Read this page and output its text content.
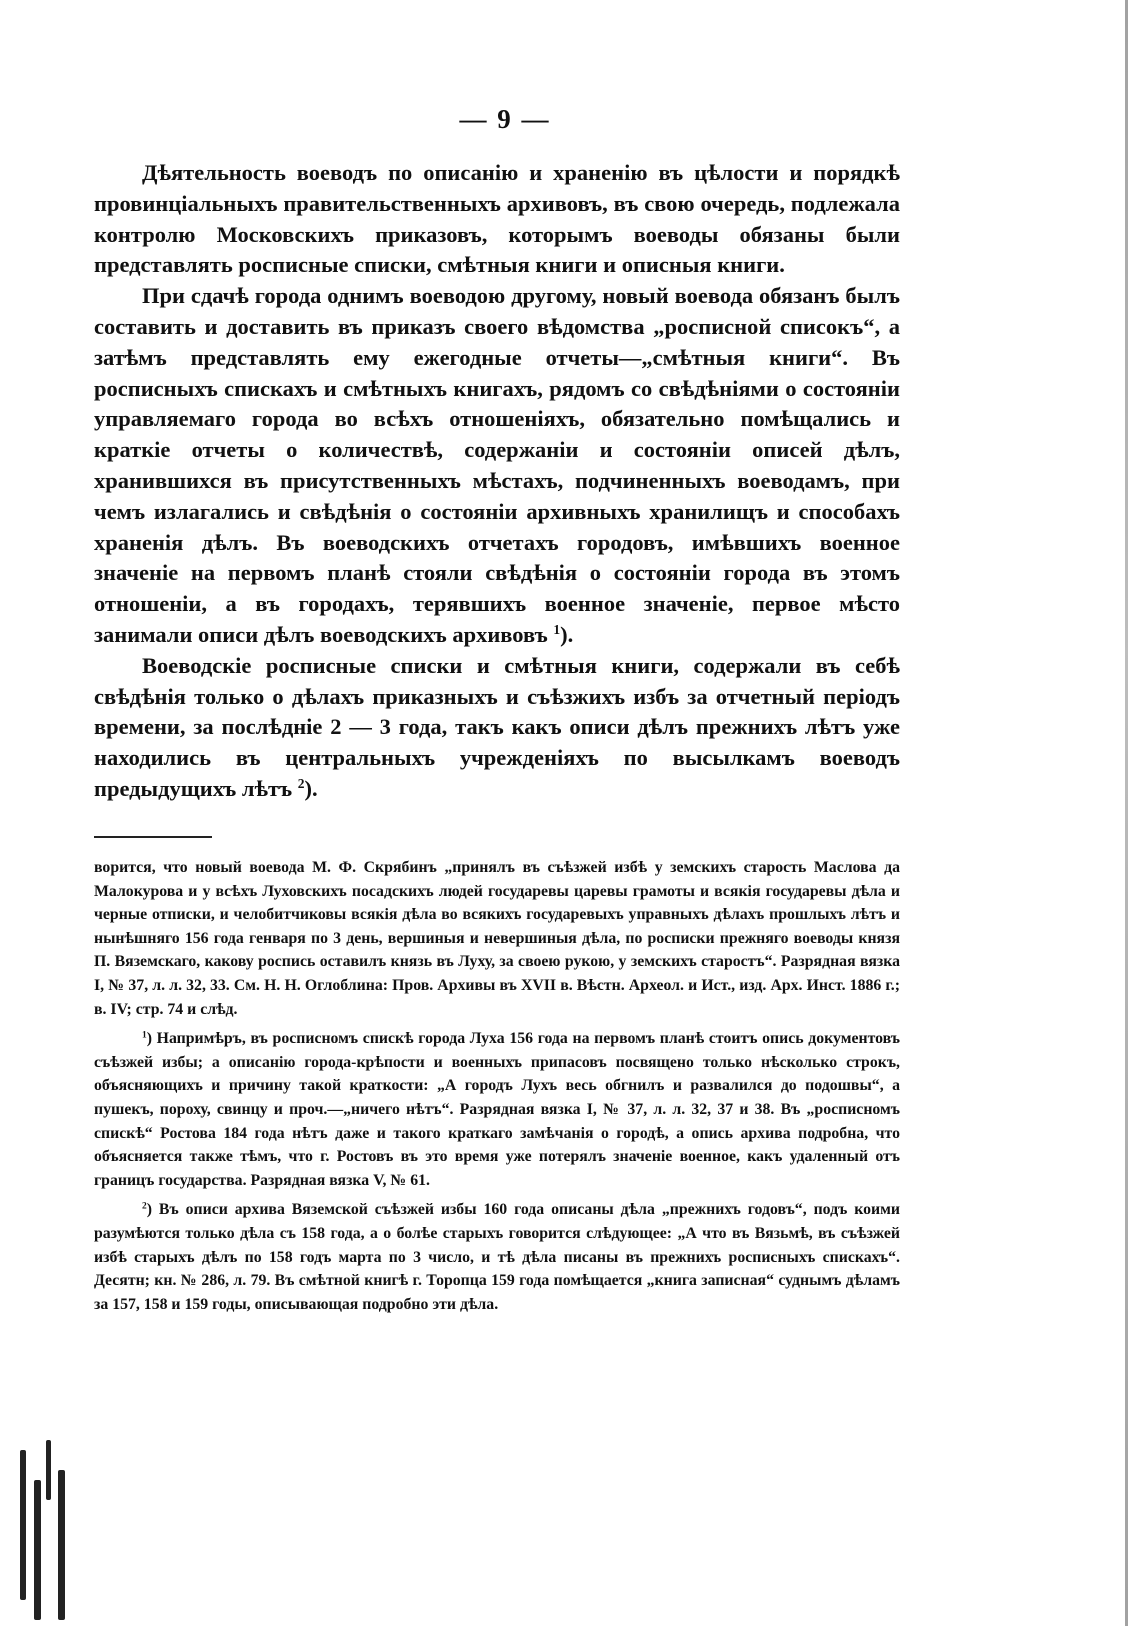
— 9 —

Дѣятельность воеводъ по описанію и храненію въ цѣлости и порядкѣ провинціальныхъ правительственныхъ архивовъ, въ свою очередь, подлежала контролю Московскихъ приказовъ, которымъ воеводы обязаны были представлять росписные списки, смѣтныя книги и описныя книги.

При сдачѣ города однимъ воеводою другому, новый воевода обязанъ былъ составить и доставить въ приказъ своего вѣдомства „росписной списокъ“, а затѣмъ представлять ему ежегодные отчеты—„смѣтныя книги“. Въ росписныхъ спискахъ и смѣтныхъ книгахъ, рядомъ со свѣдѣніями о состояніи управляемаго города во всѣхъ отношеніяхъ, обязательно помѣщались и краткіе отчеты о количествѣ, содержаніи и состояніи описей дѣлъ, хранившихся въ присутственныхъ мѣстахъ, подчиненныхъ воеводамъ, при чемъ излагались и свѣдѣнія о состояніи архивныхъ хранилищъ и способахъ храненія дѣлъ. Въ воеводскихъ отчетахъ городовъ, имѣвшихъ военное значеніе на первомъ планѣ стояли свѣдѣнія о состояніи города въ этомъ отношеніи, а въ городахъ, терявшихъ военное значеніе, первое мѣсто занимали описи дѣлъ воеводскихъ архивовъ $^1$).

Воеводскіе росписные списки и смѣтныя книги, содержали въ себѣ свѣдѣнія только о дѣлахъ приказныхъ и съѣзжихъ избъ за отчетный періодъ времени, за послѣдніе 2 — 3 года, такъ какъ описи дѣлъ прежнихъ лѣтъ уже находились въ центральныхъ учрежденіяхъ по высылкамъ воеводъ предыдущихъ лѣтъ $^2$).

ворится, что новый воевода М. Ф. Скрябинъ „принялъ въ съѣзжей избѣ у земскихъ старость Маслова да Малокурова и у всѣхъ Луховскихъ посадскихъ людей государевы царевы грамоты и всякія государевы дѣла и черные отписки, и челобитчиковы всякія дѣла во всякихъ государевыхъ управныхъ дѣлахъ прошлыхъ лѣтъ и нынѣшняго 156 года генваря по 3 день, вершиныя и невершиныя дѣла, по росписки прежняго воеводы князя П. Вяземскаго, какову роспись оставилъ князь въ Луху, за своею рукою, у земскихъ старостъ“. Разрядная вязка I, № 37, л. л. 32, 33. См. Н. Н. Оглоблина: Пров. Архивы въ XVII в. Вѣстн. Археол. и Ист., изд. Арх. Инст. 1886 г.; в. IV; стр. 74 и слѣд.

$^1$) Напримѣръ, въ росписномъ спискѣ города Луха 156 года на первомъ планѣ стоитъ опись документовъ съѣзжей избы; а описанію города-крѣпости и военныхъ припасовъ посвящено только нѣсколько строкъ, объясняющихъ и причину такой краткости: „А городъ Лухъ весь обгнилъ и развалился до подошвы“, а пушекъ, пороху, свинцу и проч.—„ничего нѣтъ“. Разрядная вязка I, № 37, л. л. 32, 37 и 38. Въ „росписномъ спискѣ“ Ростова 184 года нѣтъ даже и такого краткаго замѣчанія о городѣ, а опись архива подробна, что объясняется также тѣмъ, что г. Ростовъ въ это время уже потерялъ значеніе военное, какъ удаленный отъ границъ государства. Разрядная вязка V, № 61.

$^2$) Въ описи архива Вяземской съѣзжей избы 160 года описаны дѣла „прежнихъ годовъ“, подъ коими разумѣются только дѣла съ 158 года, а о болѣе старыхъ говорится слѣдующее: „А что въ Вязьмѣ, въ съѣзжей избѣ старыхъ дѣлъ по 158 годъ марта по 3 число, и тѣ дѣла писаны въ прежнихъ росписныхъ спискахъ“. Десятн; кн. № 286, л. 79. Въ смѣтной книгѣ г. Торопца 159 года помѣщается „книга записная“ суднымъ дѣламъ за 157, 158 и 159 годы, описывающая подробно эти дѣла.
